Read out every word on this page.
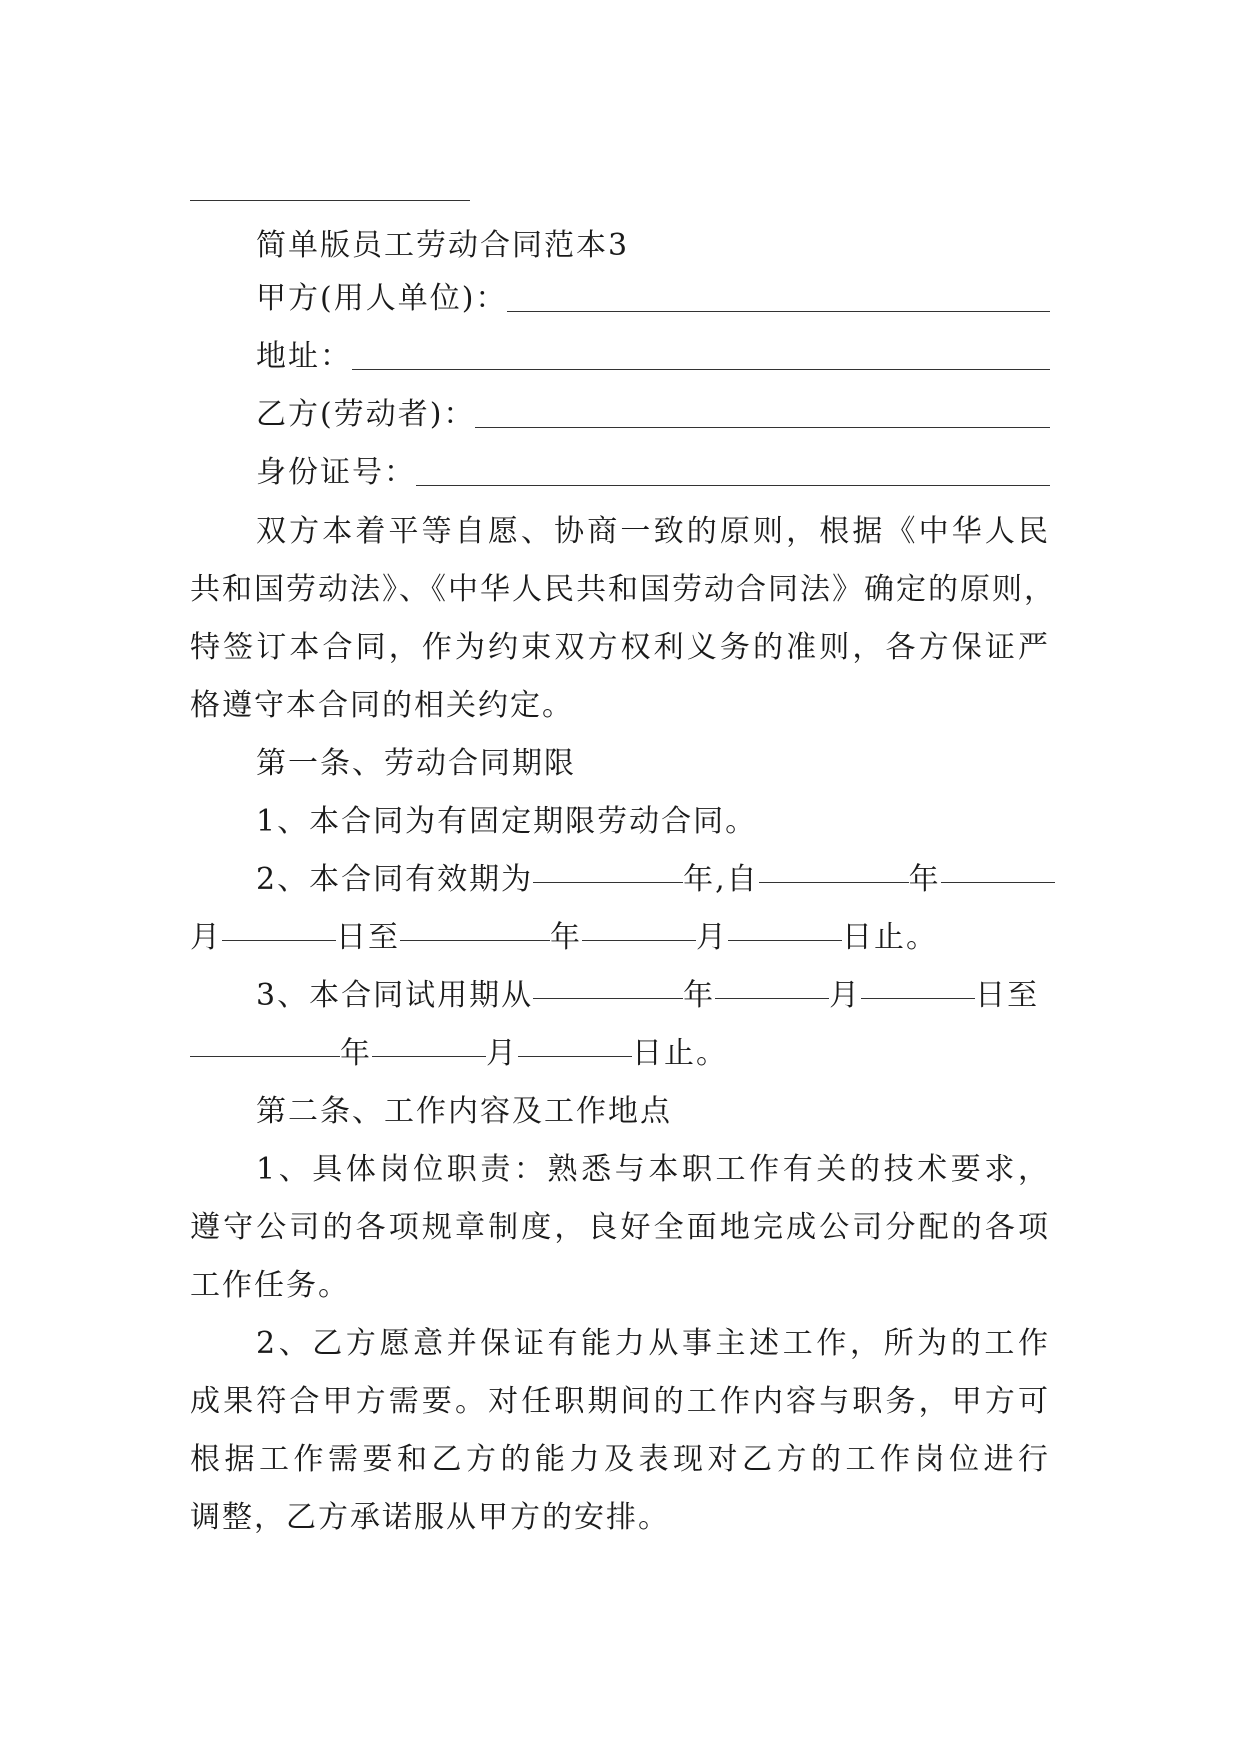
简单版员工劳动合同范本3
甲方(用人单位)：
地址：
乙方(劳动者)：
身份证号：
双方本着平等自愿、协商一致的原则，根据《中华人民
共和国劳动法》、《中华人民共和国劳动合同法》确定的原则，
特签订本合同，作为约束双方权利义务的准则，各方保证严
格遵守本合同的相关约定。
第一条、劳动合同期限
1、本合同为有固定期限劳动合同。
2、本合同有效期为	年,自	年
月	日至	年	月	日止。
3、本合同试用期从	年	月	日至
年	月	日止。
第二条、工作内容及工作地点
1、具体岗位职责：熟悉与本职工作有关的技术要求，
遵守公司的各项规章制度，良好全面地完成公司分配的各项
工作任务。
2、乙方愿意并保证有能力从事主述工作，所为的工作
成果符合甲方需要。对任职期间的工作内容与职务，甲方可
根据工作需要和乙方的能力及表现对乙方的工作岗位进行
调整，乙方承诺服从甲方的安排。
